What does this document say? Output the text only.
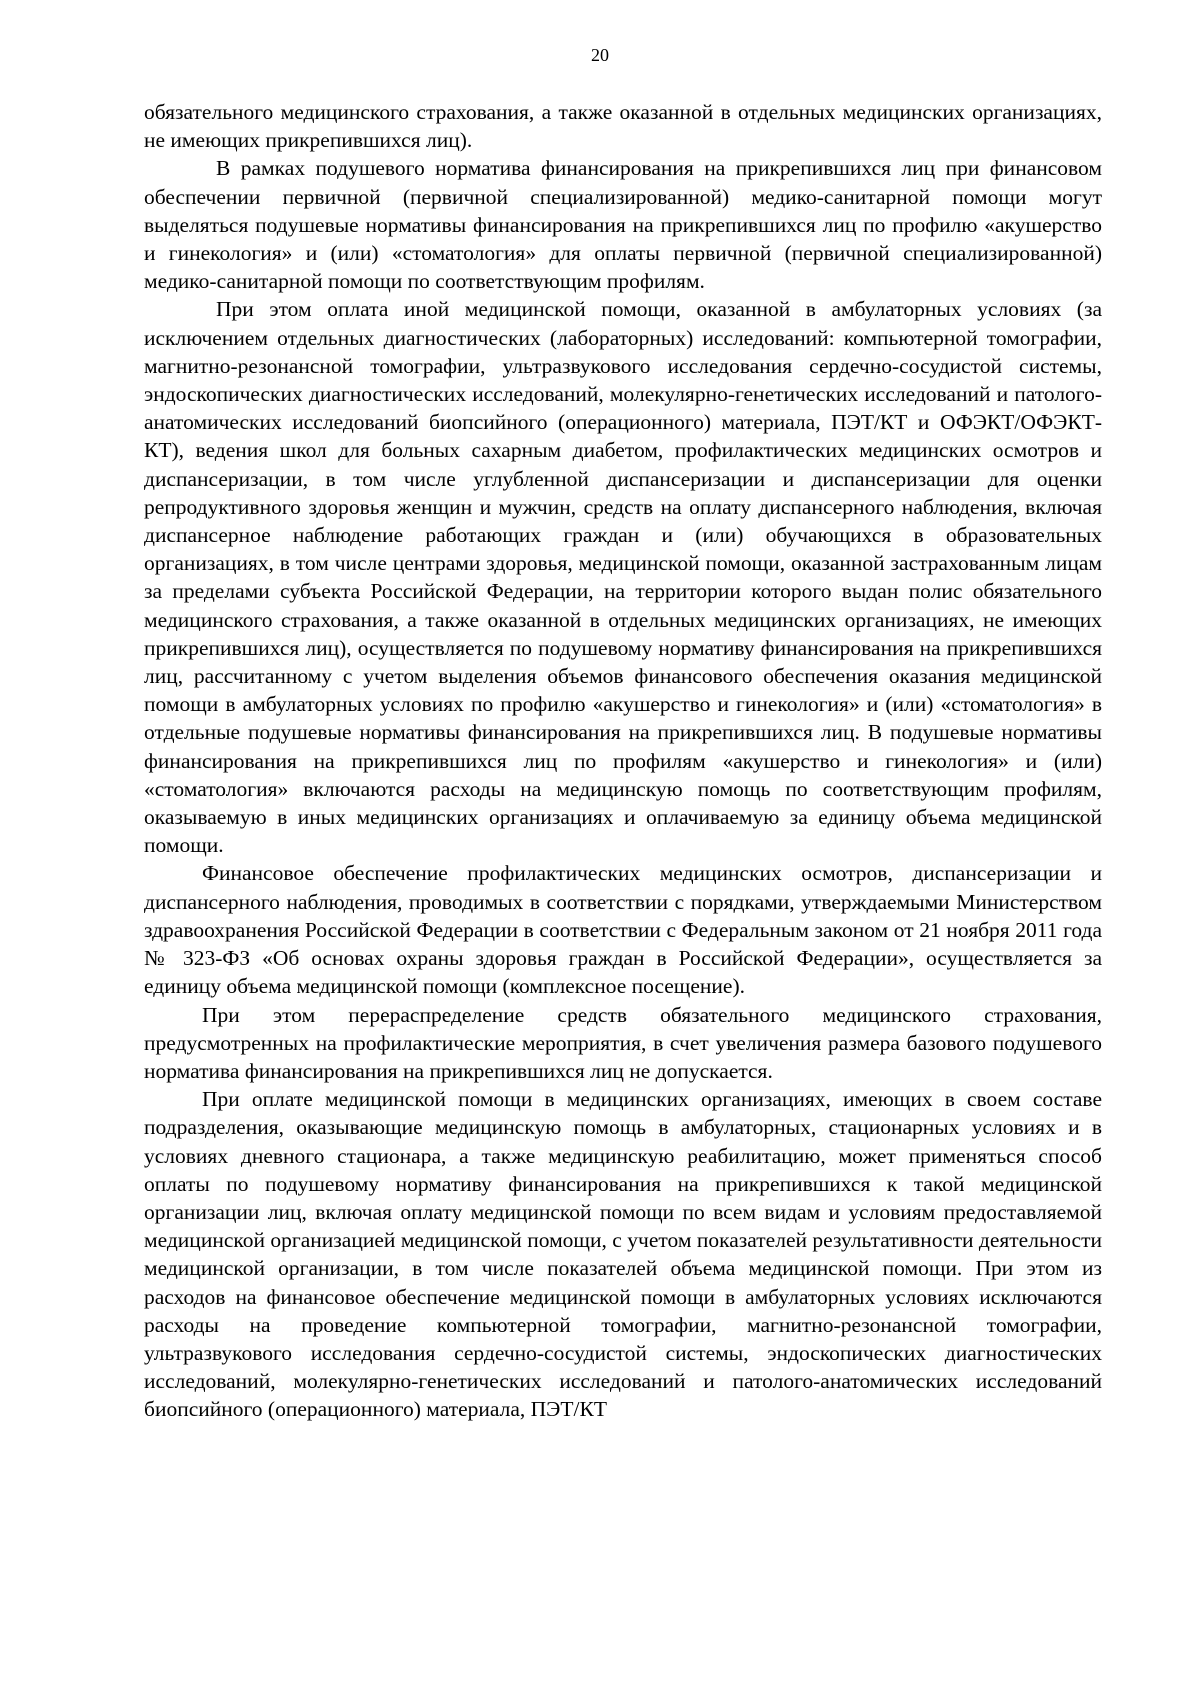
20

обязательного медицинского страхования, а также оказанной в отдельных медицинских организациях, не имеющих прикрепившихся лиц).

В рамках подушевого норматива финансирования на прикрепившихся лиц при финансовом обеспечении первичной (первичной специализированной) медико-санитарной помощи могут выделяться подушевые нормативы финансирования на прикрепившихся лиц по профилю «акушерство и гинекология» и (или) «стоматология» для оплаты первичной (первичной специализированной) медико-санитарной помощи по соответствующим профилям.

При этом оплата иной медицинской помощи, оказанной в амбулаторных условиях (за исключением отдельных диагностических (лабораторных) исследований: компьютерной томографии, магнитно-резонансной томографии, ультразвукового исследования сердечно-сосудистой системы, эндоскопических диагностических исследований, молекулярно-генетических исследований и патолого-анатомических исследований биопсийного (операционного) материала, ПЭТ/КТ и ОФЭКТ/ОФЭКТ-КТ), ведения школ для больных сахарным диабетом, профилактических медицинских осмотров и диспансеризации, в том числе углубленной диспансеризации и диспансеризации для оценки репродуктивного здоровья женщин и мужчин, средств на оплату диспансерного наблюдения, включая диспансерное наблюдение работающих граждан и (или) обучающихся в образовательных организациях, в том числе центрами здоровья, медицинской помощи, оказанной застрахованным лицам за пределами субъекта Российской Федерации, на территории которого выдан полис обязательного медицинского страхования, а также оказанной в отдельных медицинских организациях, не имеющих прикрепившихся лиц), осуществляется по подушевому нормативу финансирования на прикрепившихся лиц, рассчитанному с учетом выделения объемов финансового обеспечения оказания медицинской помощи в амбулаторных условиях по профилю «акушерство и гинекология» и (или) «стоматология» в отдельные подушевые нормативы финансирования на прикрепившихся лиц. В подушевые нормативы финансирования на прикрепившихся лиц по профилям «акушерство и гинекология» и (или) «стоматология» включаются расходы на медицинскую помощь по соответствующим профилям, оказываемую в иных медицинских организациях и оплачиваемую за единицу объема медицинской помощи.

Финансовое обеспечение профилактических медицинских осмотров, диспансеризации и диспансерного наблюдения, проводимых в соответствии с порядками, утверждаемыми Министерством здравоохранения Российской Федерации в соответствии с Федеральным законом от 21 ноября 2011 года № 323-ФЗ «Об основах охраны здоровья граждан в Российской Федерации», осуществляется за единицу объема медицинской помощи (комплексное посещение).

При этом перераспределение средств обязательного медицинского страхования, предусмотренных на профилактические мероприятия, в счет увеличения размера базового подушевого норматива финансирования на прикрепившихся лиц не допускается.

При оплате медицинской помощи в медицинских организациях, имеющих в своем составе подразделения, оказывающие медицинскую помощь в амбулаторных, стационарных условиях и в условиях дневного стационара, а также медицинскую реабилитацию, может применяться способ оплаты по подушевому нормативу финансирования на прикрепившихся к такой медицинской организации лиц, включая оплату медицинской помощи по всем видам и условиям предоставляемой медицинской организацией медицинской помощи, с учетом показателей результативности деятельности медицинской организации, в том числе показателей объема медицинской помощи. При этом из расходов на финансовое обеспечение медицинской помощи в амбулаторных условиях исключаются расходы на проведение компьютерной томографии, магнитно-резонансной томографии, ультразвукового исследования сердечно-сосудистой системы, эндоскопических диагностических исследований, молекулярно-генетических исследований и патолого-анатомических исследований биопсийного (операционного) материала, ПЭТ/КТ
